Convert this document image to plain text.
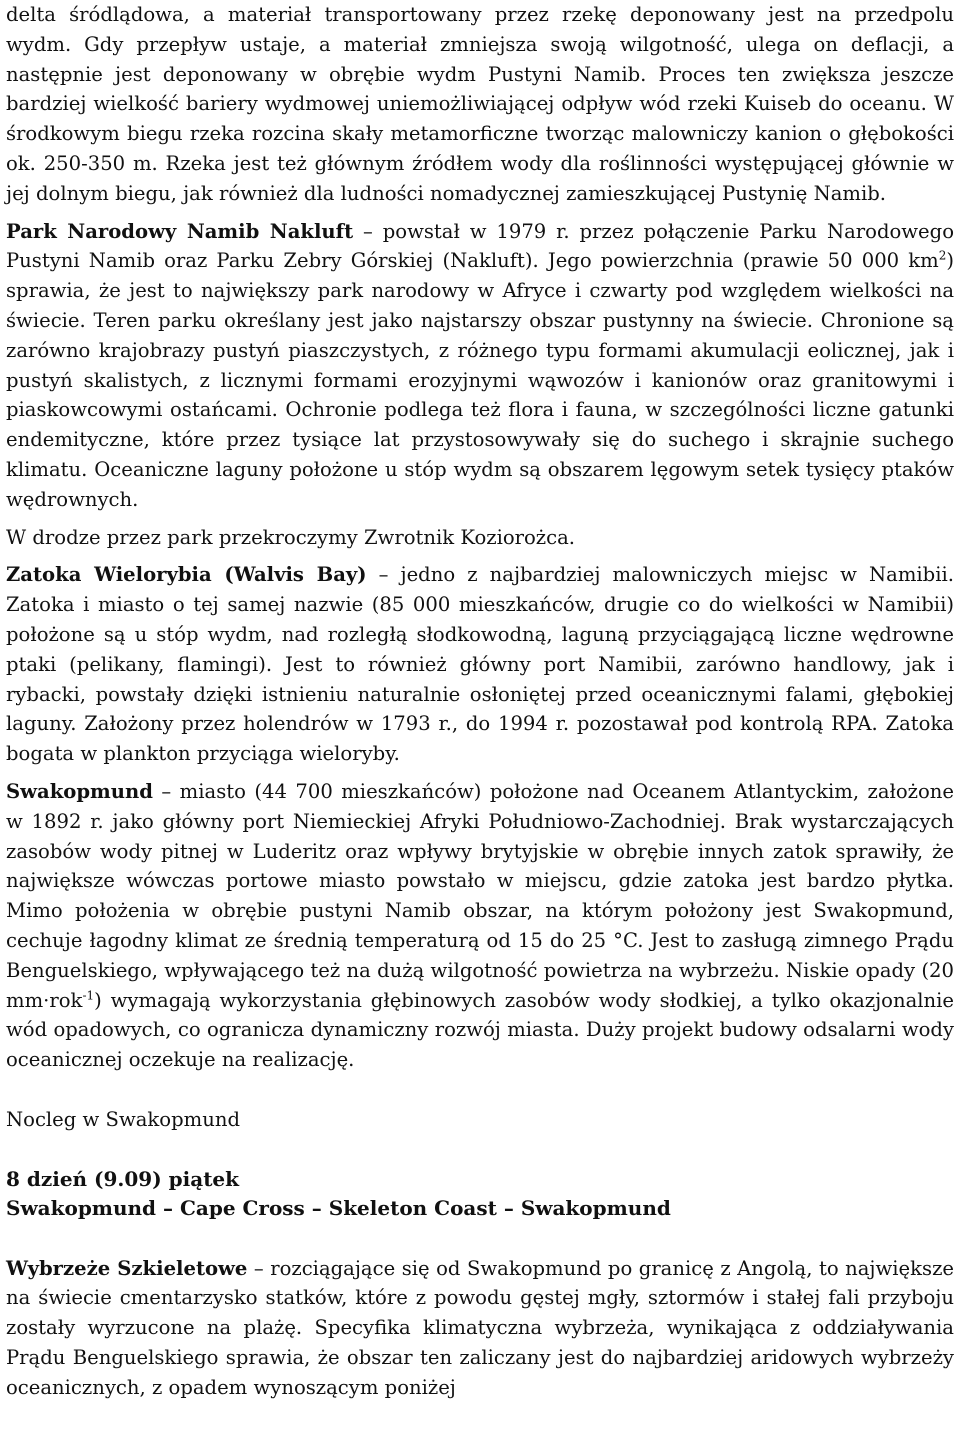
delta śródlądowa, a materiał transportowany przez rzekę deponowany jest na przedpolu wydm. Gdy przepływ ustaje, a materiał zmniejsza swoją wilgotność, ulega on deflacji, a następnie jest deponowany w obrębie wydm Pustyni Namib. Proces ten zwiększa jeszcze bardziej wielkość bariery wydmowej uniemożliwiającej odpływ wód rzeki Kuiseb do oceanu. W środkowym biegu rzeka rozcina skały metamorficzne tworząc malowniczy kanion o głębokości ok. 250-350 m. Rzeka jest też głównym źródłem wody dla roślinności występującej głównie w jej dolnym biegu, jak również dla ludności nomadycznej zamieszkującej Pustynię Namib.

Park Narodowy Namib Nakluft – powstał w 1979 r. przez połączenie Parku Narodowego Pustyni Namib oraz Parku Zebry Górskiej (Nakluft). Jego powierzchnia (prawie 50 000 $km^2$) sprawia, że jest to największy park narodowy w Afryce i czwarty pod względem wielkości na świecie. Teren parku określany jest jako najstarszy obszar pustynny na świecie. Chronione są zarówno krajobrazy pustyń piaszczystych, z różnego typu formami akumulacji eolicznej, jak i pustyń skalistych, z licznymi formami erozyjnymi wąwozów i kanionów oraz granitowymi i piaskowcowymi ostańcami. Ochronie podlega też flora i fauna, w szczególności liczne gatunki endemityczne, które przez tysiące lat przystosowywały się do suchego i skrajnie suchego klimatu. Oceaniczne laguny położone u stóp wydm są obszarem lęgowym setek tysięcy ptaków wędrownych.

W drodze przez park przekroczymy Zwrotnik Koziorożca.

Zatoka Wielorybia (Walvis Bay) – jedno z najbardziej malowniczych miejsc w Namibii. Zatoka i miasto o tej samej nazwie (85 000 mieszkańców, drugie co do wielkości w Namibii) położone są u stóp wydm, nad rozległą słodkowodną, laguną przyciągającą liczne wędrowne ptaki (pelikany, flamingi). Jest to również główny port Namibii, zarówno handlowy, jak i rybacki, powstały dzięki istnieniu naturalnie osłoniętej przed oceanicznymi falami, głębokiej laguny. Założony przez holendrów w 1793 r., do 1994 r. pozostawał pod kontrolą RPA. Zatoka bogata w plankton przyciąga wieloryby.

Swakopmund – miasto (44 700 mieszkańców) położone nad Oceanem Atlantyckim, założone w 1892 r. jako główny port Niemieckiej Afryki Południowo-Zachodniej. Brak wystarczających zasobów wody pitnej w Luderitz oraz wpływy brytyjskie w obrębie innych zatok sprawiły, że największe wówczas portowe miasto powstało w miejscu, gdzie zatoka jest bardzo płytka. Mimo położenia w obrębie pustyni Namib obszar, na którym położony jest Swakopmund, cechuje łagodny klimat ze średnią temperaturą od 15 do 25 °C. Jest to zasługą zimnego Prądu Benguelskiego, wpływającego też na dużą wilgotność powietrza na wybrzeżu. Niskie opady (20 mm·rok$^{-1}$) wymagają wykorzystania głębinowych zasobów wody słodkiej, a tylko okazjonalnie wód opadowych, co ogranicza dynamiczny rozwój miasta. Duży projekt budowy odsalarni wody oceanicznej oczekuje na realizację.

Nocleg w Swakopmund

8 dzień (9.09) piątek

Swakopmund – Cape Cross – Skeleton Coast – Swakopmund

Wybrzeże Szkieletowe – rozciągające się od Swakopmund po granicę z Angolą, to największe na świecie cmentarzysko statków, które z powodu gęstej mgły, sztormów i stałej fali przyboju zostały wyrzucone na plażę. Specyfika klimatyczna wybrzeża, wynikająca z oddziaływania Prądu Benguelskiego sprawia, że obszar ten zaliczany jest do najbardziej aridowych wybrzeży oceanicznych, z opadem wynoszącym poniżej
